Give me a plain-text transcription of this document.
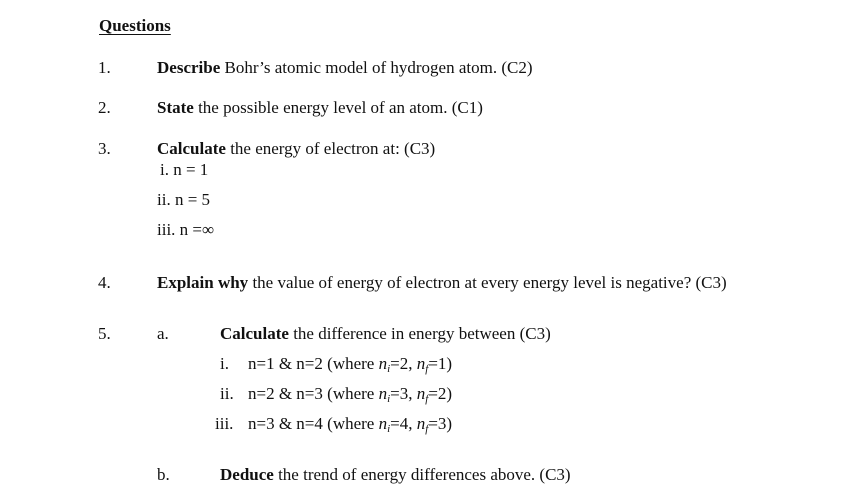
Questions
1.	Describe Bohr’s atomic model of hydrogen atom. (C2)
2.	State the possible energy level of an atom. (C1)
3.	Calculate the energy of electron at: (C3)
i. n = 1
ii. n = 5
iii. n =∞
4.	Explain why the value of energy of electron at every energy level is negative? (C3)
5.	a.	Calculate the difference in energy between (C3)
i. n=1 & n=2 (where $n_i=2$, $n_f=1$)
ii. n=2 & n=3 (where $n_i=3$, $n_f=2$)
iii. n=3 & n=4 (where $n_i=4$, $n_f=3$)
b.	Deduce the trend of energy differences above. (C3)
